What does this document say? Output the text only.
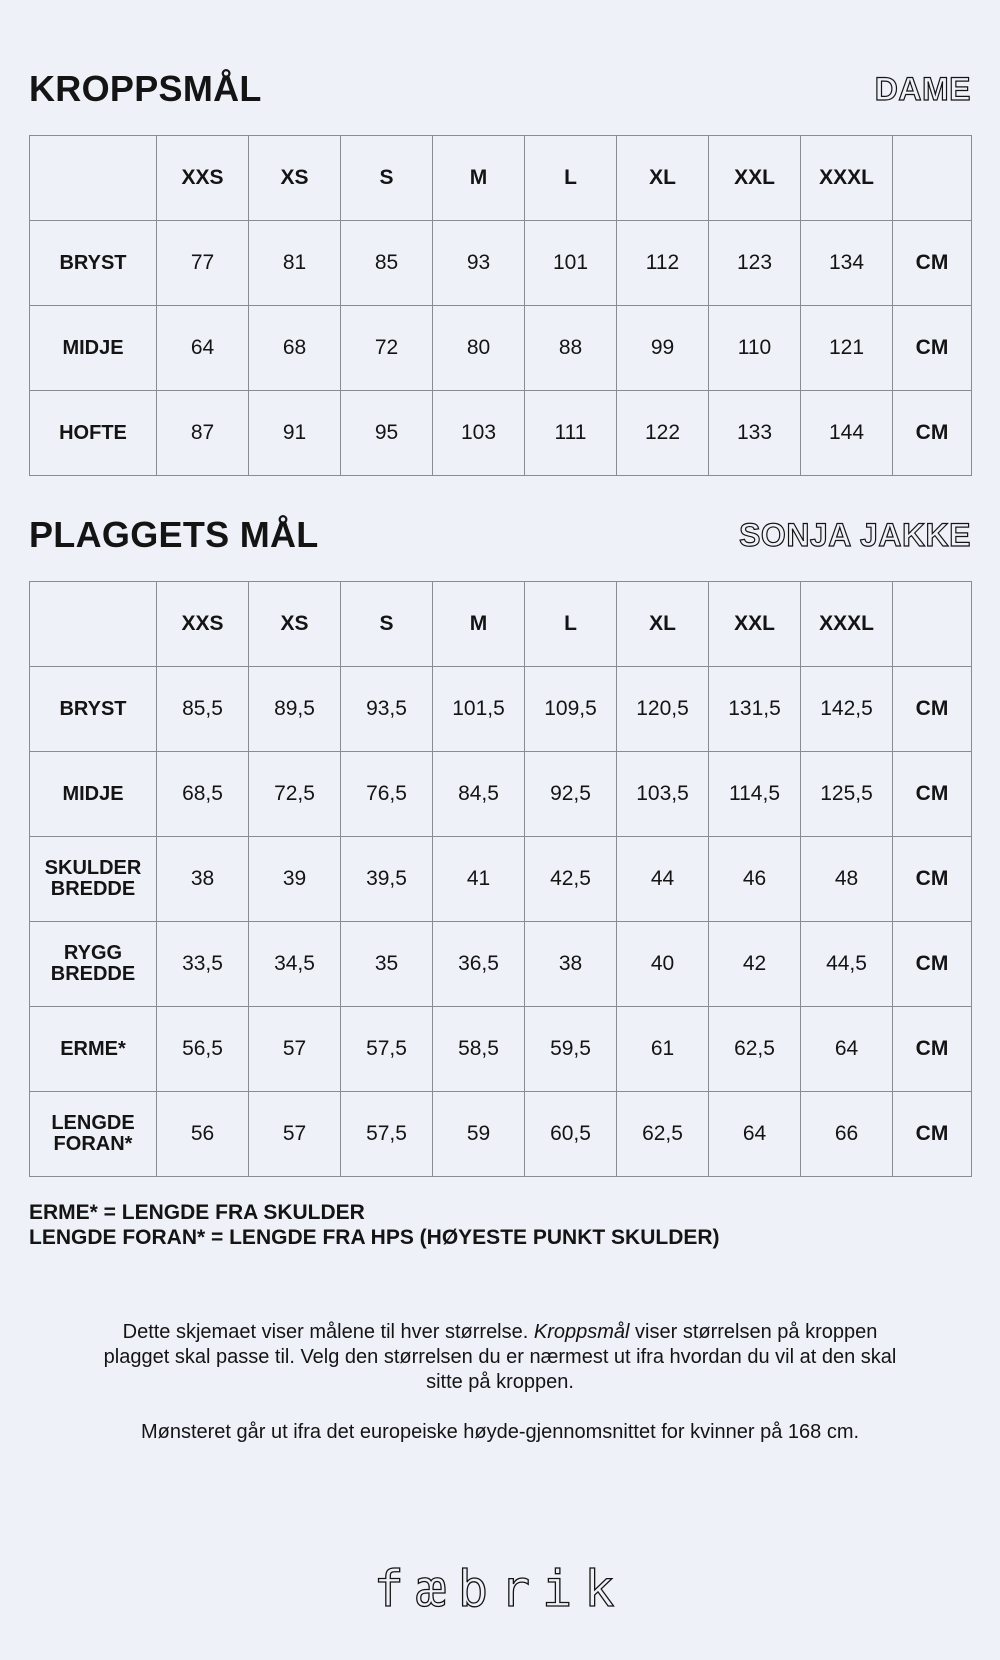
KROPPSMÅL	DAME
	XXS	XS	S	M	L	XL	XXL	XXXL	
BRYST	77	81	85	93	101	112	123	134	CM
MIDJE	64	68	72	80	88	99	110	121	CM
HOFTE	87	91	95	103	111	122	133	144	CM
PLAGGETS MÅL	SONJA JAKKE
	XXS	XS	S	M	L	XL	XXL	XXXL	
BRYST	85,5	89,5	93,5	101,5	109,5	120,5	131,5	142,5	CM
MIDJE	68,5	72,5	76,5	84,5	92,5	103,5	114,5	125,5	CM
SKULDER
BREDDE	38	39	39,5	41	42,5	44	46	48	CM
RYGG
BREDDE	33,5	34,5	35	36,5	38	40	42	44,5	CM
ERME*	56,5	57	57,5	58,5	59,5	61	62,5	64	CM
LENGDE
FORAN*	56	57	57,5	59	60,5	62,5	64	66	CM
ERME* = LENGDE FRA SKULDER
LENGDE FORAN* = LENGDE FRA HPS (HØYESTE PUNKT SKULDER)

Dette skjemaet viser målene til hver størrelse. Kroppsmål viser størrelsen på kroppen plagget skal passe til. Velg den størrelsen du er nærmest ut ifra hvordan du vil at den skal sitte på kroppen.

Mønsteret går ut ifra det europeiske høyde-gjennomsnittet for kvinner på 168 cm.

fæbrik
